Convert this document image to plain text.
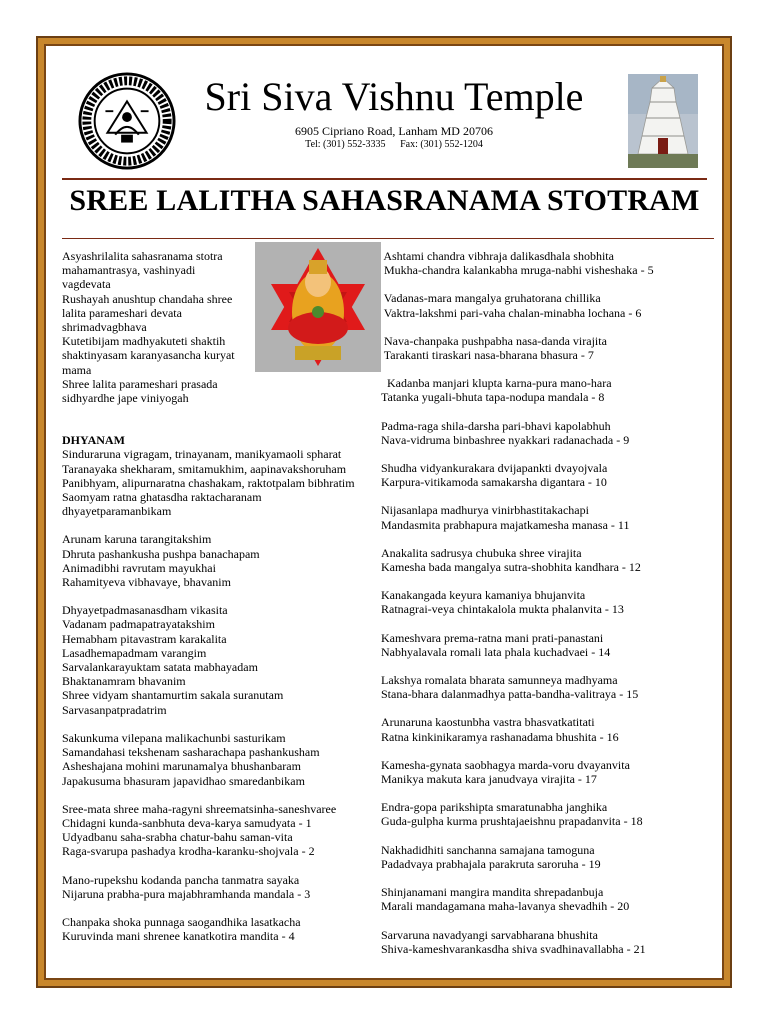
Sri Siva Vishnu Temple
6905 Cipriano Road, Lanham MD 20706
Tel: (301) 552-3335 Fax: (301) 552-1204
SREE LALITHA SAHASRANAMA STOTRAM

Asyashrilalita sahasranama stotra

mahamantrasya, vashinyadi

vagdevata

Rushayah anushtup chandaha shree

lalita parameshari devata

shrimadvagbhava

Kutetibijam madhyakuteti shaktih

shaktinyasam karanyasancha kuryat

mama

Shree lalita parameshari prasada

sidhyardhe jape viniyogah

DHYANAM

Sinduraruna vigragam, trinayanam, manikyamaoli spharat

Taranayaka shekharam, smitamukhim, aapinavakshoruham

Panibhyam, alipurnaratna chashakam, raktotpalam bibhratim

Saomyam ratna ghatasdha raktacharanam

dhyayetparamanbikam

Arunam karuna tarangitakshim

Dhruta pashankusha pushpa banachapam

Animadibhi ravrutam mayukhai

Rahamityeva vibhavaye, bhavanim

Dhyayetpadmasanasdham vikasita

Vadanam padmapatrayatakshim

Hemabham pitavastram karakalita

Lasadhemapadmam varangim

Sarvalankarayuktam satata mabhayadam

Bhaktanamram bhavanim

Shree vidyam shantamurtim sakala suranutam

Sarvasanpatpradatrim

Sakunkuma vilepana malikachunbi sasturikam

Samandahasi tekshenam sasharachapa pashankusham

Asheshajana mohini marunamalya bhushanbaram

Japakusuma bhasuram japavidhao smaredanbikam

Sree-mata shree maha-ragyni shreematsinha-saneshvaree

Chidagni kunda-sanbhuta deva-karya samudyata - 1

Udyadbanu saha-srabha chatur-bahu saman-vita

Raga-svarupa pashadya krodha-karanku-shojvala - 2

Mano-rupekshu kodanda pancha tanmatra sayaka

Nijaruna prabha-pura majabhramhanda mandala - 3

Chanpaka shoka punnaga saogandhika lasatkacha

Kuruvinda mani shrenee kanatkotira mandita - 4

Ashtami chandra vibhraja dalikasdhala shobhita

Mukha-chandra kalankabha mruga-nabhi visheshaka - 5

Vadanas-mara mangalya gruhatorana chillika

Vaktra-lakshmi pari-vaha chalan-minabha lochana - 6

Nava-chanpaka pushpabha nasa-danda virajita

Tarakanti tiraskari nasa-bharana bhasura - 7

Kadanba manjari klupta karna-pura mano-hara

Tatanka yugali-bhuta tapa-nodupa mandala - 8

Padma-raga shila-darsha pari-bhavi kapolabhuh

Nava-vidruma binbashree nyakkari radanachada - 9

Shudha vidyankurakara dvijapankti dvayojvala

Karpura-vitikamoda samakarsha digantara - 10

Nijasanlapa madhurya vinirbhastitakachapi

Mandasmita prabhapura majatkamesha manasa - 11

Anakalita sadrusya chubuka shree virajita

Kamesha bada mangalya sutra-shobhita kandhara - 12

Kanakangada keyura kamaniya bhujanvita

Ratnagrai-veya chintakalola mukta phalanvita - 13

Kameshvara prema-ratna mani prati-panastani

Nabhyalavala romali lata phala kuchadvaei - 14

Lakshya romalata bharata samunneya madhyama

Stana-bhara dalanmadhya patta-bandha-valitraya - 15

Arunaruna kaostunbha vastra bhasvatkatitati

Ratna kinkinikaramya rashanadama bhushita - 16

Kamesha-gynata saobhagya marda-voru dvayanvita

Manikya makuta kara janudvaya virajita - 17

Endra-gopa parikshipta smaratunabha janghika

Guda-gulpha kurma prushtajaeishnu prapadanvita - 18

Nakhadidhiti sanchanna samajana tamoguna

Padadvaya prabhajala parakruta saroruha - 19

Shinjanamani mangira mandita shrepadanbuja

Marali mandagamana maha-lavanya shevadhih - 20

Sarvaruna navadyangi sarvabharana bhushita

Shiva-kameshvarankasdha shiva svadhinavallabha - 21
